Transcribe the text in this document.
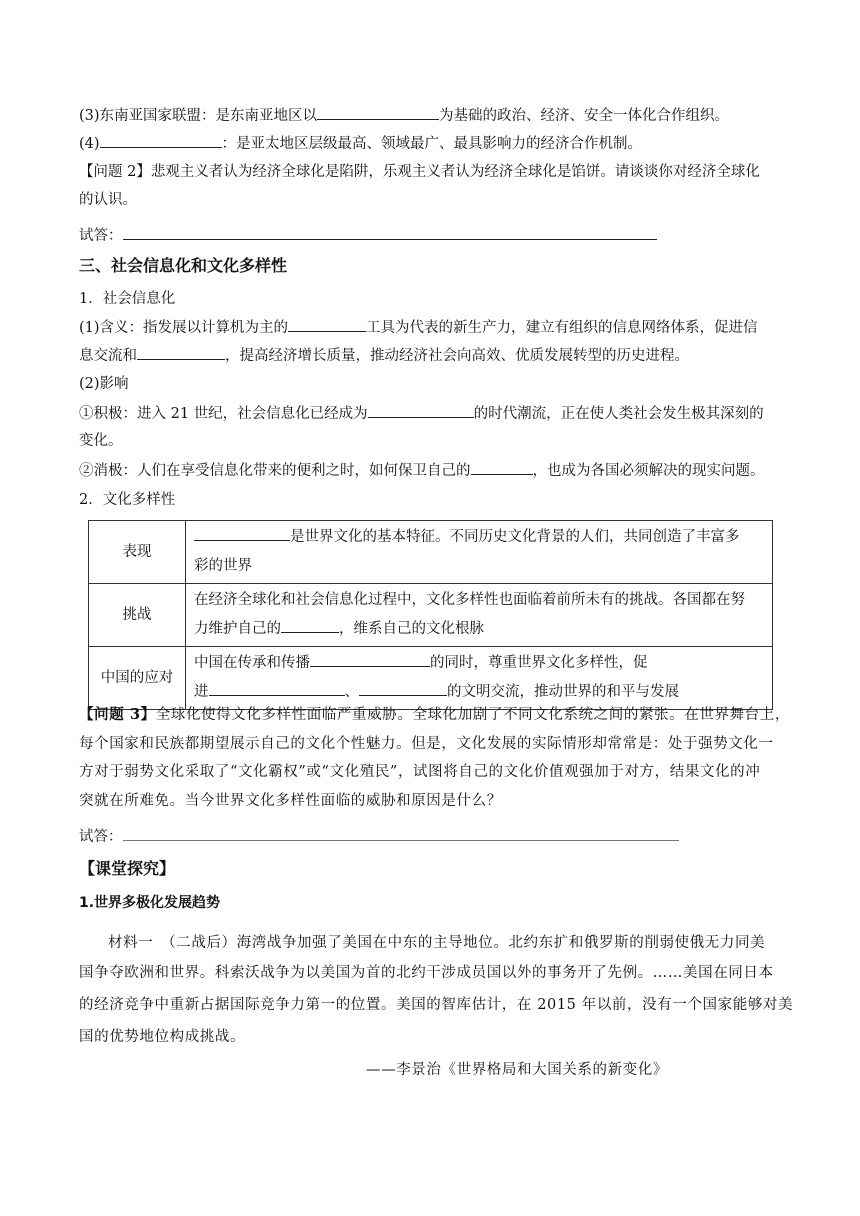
(3)东南亚国家联盟：是东南亚地区以	为基础的政治、经济、安全一体化合作组织。
(4)	：是亚太地区层级最高、领域最广、最具影响力的经济合作机制。
【问题 2】悲观主义者认为经济全球化是陷阱，乐观主义者认为经济全球化是馅饼。请谈谈你对经济全球化
的认识。
试答：
三、社会信息化和文化多样性
1．社会信息化
(1)含义：指发展以计算机为主的	工具为代表的新生产力，建立有组织的信息网络体系，促进信
息交流和	，提高经济增长质量，推动经济社会向高效、优质发展转型的历史进程。
(2)影响
①积极：进入 21 世纪，社会信息化已经成为	的时代潮流，正在使人类社会发生极其深刻的
变化。
②消极：人们在享受信息化带来的便利之时，如何保卫自己的	，也成为各国必须解决的现实问题。
2．文化多样性
表现	是世界文化的基本特征。不同历史文化背景的人们，共同创造了丰富多
彩的世界
挑战	在经济全球化和社会信息化过程中，文化多样性也面临着前所未有的挑战。各国都在努
力维护自己的 ，维系自己的文化根脉
中国的应对	中国在传承和传播 的同时，尊重世界文化多样性，促
进 、 的文明交流，推动世界的和平与发展
【问题 3】全球化使得文化多样性面临严重威胁。全球化加剧了不同文化系统之间的紧张。在世界舞台上，
每个国家和民族都期望展示自己的文化个性魅力。但是，文化发展的实际情形却常常是：处于强势文化一
方对于弱势文化采取了“文化霸权”或“文化殖民”，试图将自己的文化价值观强加于对方，结果文化的冲
突就在所难免。当今世界文化多样性面临的威胁和原因是什么？
试答：
【课堂探究】
1.世界多极化发展趋势
材料一　（二战后）海湾战争加强了美国在中东的主导地位。北约东扩和俄罗斯的削弱使俄无力同美
国争夺欧洲和世界。科索沃战争为以美国为首的北约干涉成员国以外的事务开了先例。……美国在同日本
的经济竞争中重新占据国际竞争力第一的位置。美国的智库估计，在 2015 年以前，没有一个国家能够对美
国的优势地位构成挑战。
——李景治《世界格局和大国关系的新变化》
